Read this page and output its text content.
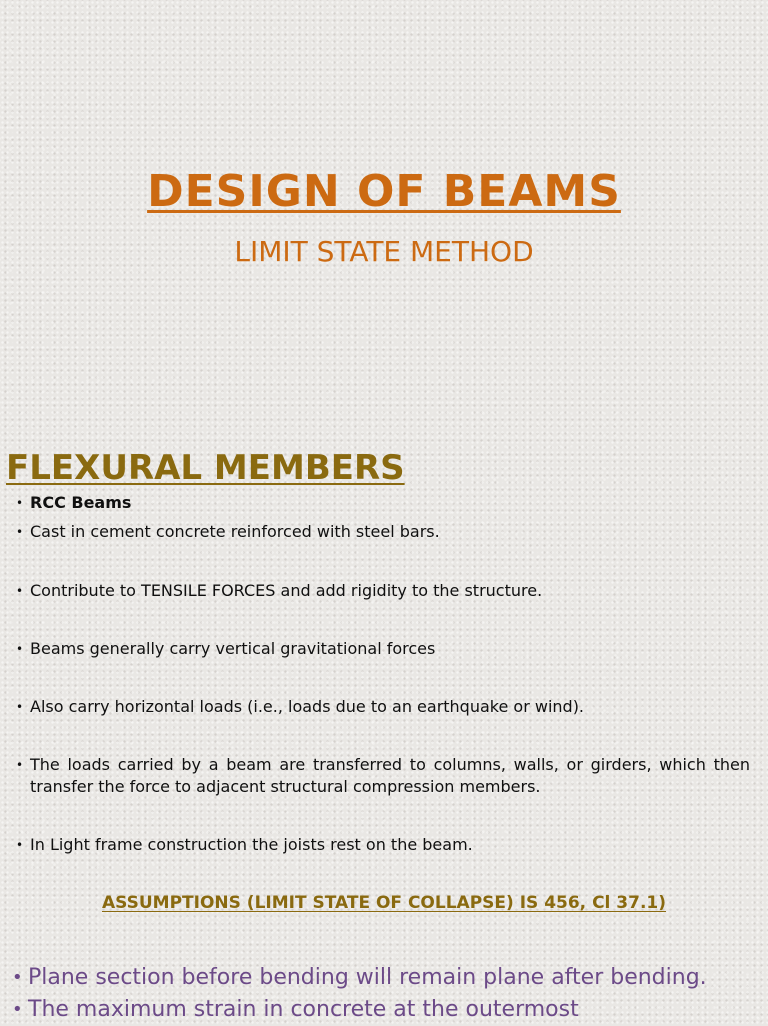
DESIGN OF BEAMS
LIMIT STATE METHOD
FLEXURAL MEMBERS
• RCC Beams
• Cast in cement concrete reinforced with steel bars.
• Contribute to TENSILE FORCES and add rigidity to the structure.
• Beams generally carry vertical gravitational forces
• Also carry horizontal loads (i.e., loads due to an earthquake or wind).
• The loads carried by a beam are transferred to columns, walls, or girders, which then transfer the force to adjacent structural compression members.
• In Light frame construction the joists rest on the beam.
ASSUMPTIONS (LIMIT STATE OF COLLAPSE) IS 456, Cl 37.1)
• Plane section before bending will remain plane after bending.
• The maximum strain in concrete at the outermost
